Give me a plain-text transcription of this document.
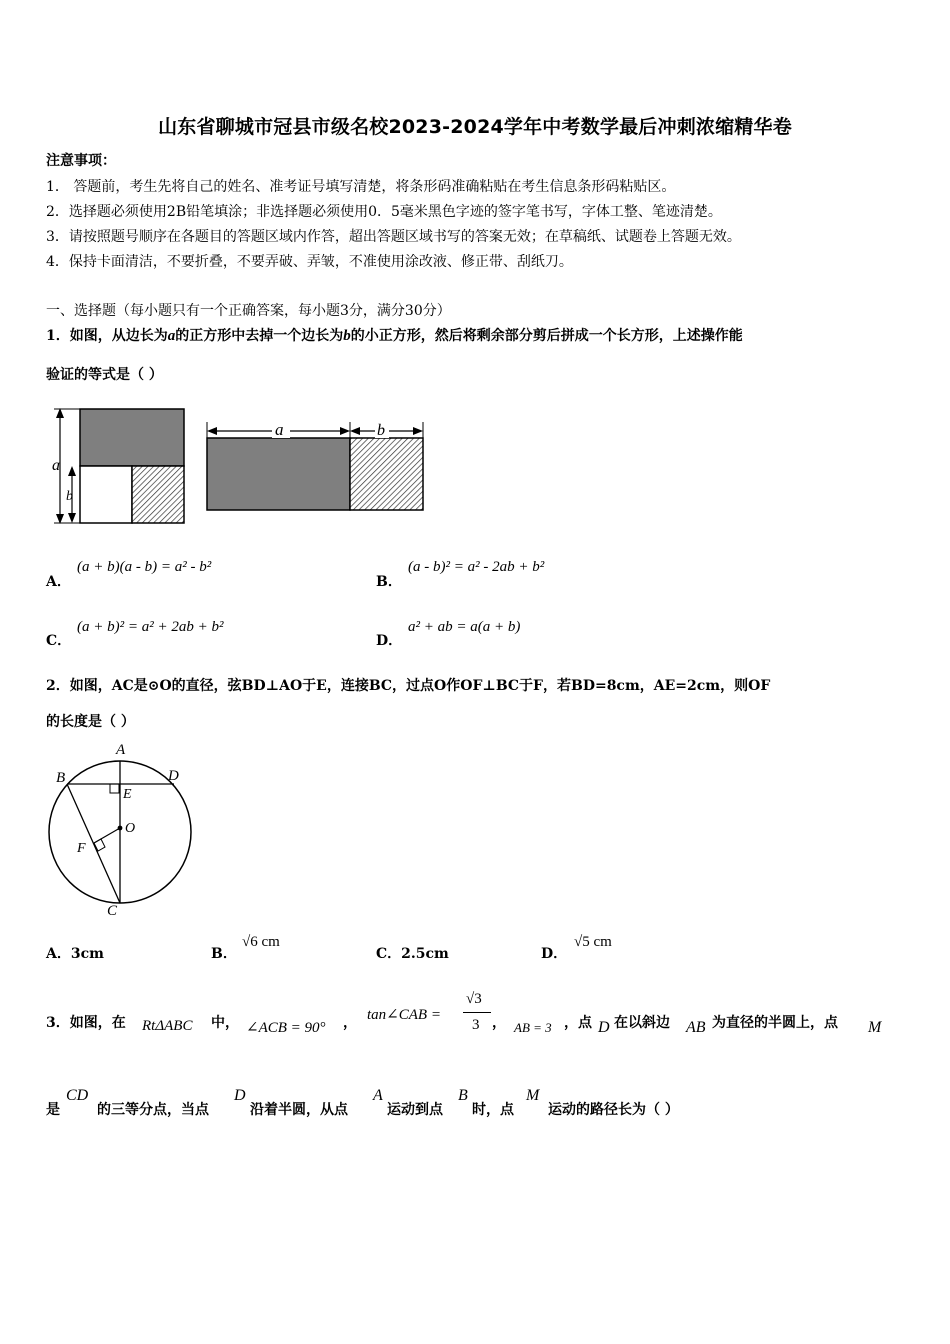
山东省聊城市冠县市级名校2023-2024学年中考数学最后冲刺浓缩精华卷
注意事项：
1． 答题前，考生先将自己的姓名、准考证号填写清楚，将条形码准确粘贴在考生信息条形码粘贴区。
2．选择题必须使用2B铅笔填涂；非选择题必须使用0．5毫米黑色字迹的签字笔书写，字体工整、笔迹清楚。
3．请按照题号顺序在各题目的答题区域内作答，超出答题区域书写的答案无效；在草稿纸、试题卷上答题无效。
4．保持卡面清洁，不要折叠，不要弄破、弄皱，不准使用涂改液、修正带、刮纸刀。
一、选择题（每小题只有一个正确答案，每小题3分，满分30分）
1．如图，从边长为a的正方形中去掉一个边长为b的小正方形，然后将剩余部分剪后拼成一个长方形，上述操作能
验证的等式是（ ）
a
b
a	b
A．
(a + b)(a - b) = a² - b²
B．
(a - b)² = a² - 2ab + b²
C．
(a + b)² = a² + 2ab + b²
D．
a² + ab = a(a + b)
2．如图，AC是⊙O的直径，弦BD⊥AO于E，连接BC，过点O作OF⊥BC于F，若BD=8cm，AE=2cm，则OF
的长度是（ ）
A
B	D
E
O
F
C
A．3cm	B．
√6 cm
C．2.5cm	D．
√5 cm
3．如图，在 RtΔABC 中， ∠ACB = 90° ， tan∠CAB =
√3
3 ， AB = 3 ，点 D 在以斜边 AB 为直径的半圆上，点 M
是
CD
的三等分点，当点
D
沿着半圆，从点
A
运动到点
B
时，点
M
运动的路径长为（ ）
